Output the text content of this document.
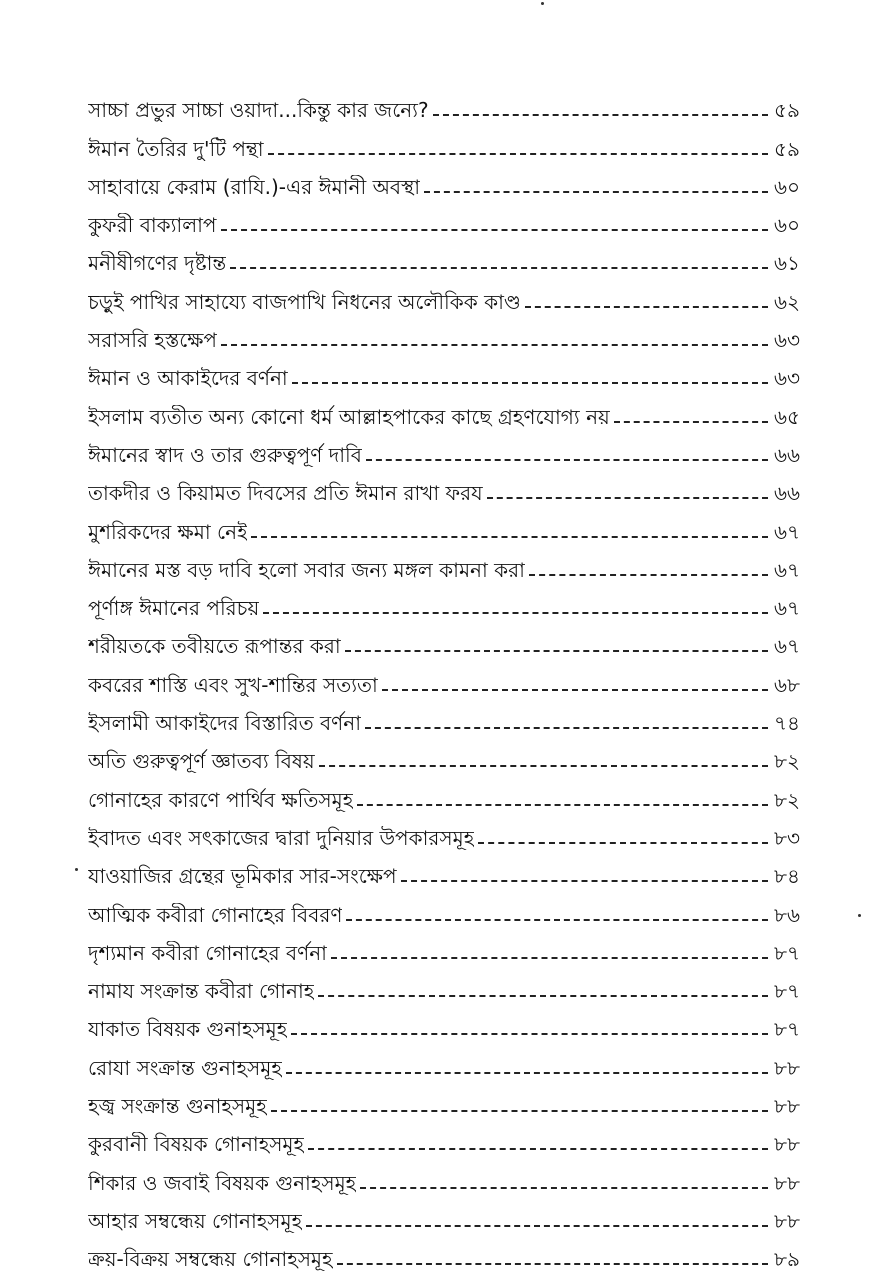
সাচ্চা প্রভুর সাচ্চা ওয়াদা...কিন্তু কার জন্যে?	৫৯
ঈমান তৈরির দু'টি পন্থা	৫৯
সাহাবায়ে কেরাম (রাযি.)-এর ঈমানী অবস্থা	৬০
কুফরী বাক্যালাপ	৬০
মনীষীগণের দৃষ্টান্ত	৬১
চড়ুই পাখির সাহায্যে বাজপাখি নিধনের অলৌকিক কাণ্ড	৬২
সরাসরি হস্তক্ষেপ	৬৩
ঈমান ও আকাইদের বর্ণনা	৬৩
ইসলাম ব্যতীত অন্য কোনো ধর্ম আল্লাহপাকের কাছে গ্রহণযোগ্য নয়	৬৫
ঈমানের স্বাদ ও তার গুরুত্বপূর্ণ দাবি	৬৬
তাকদীর ও কিয়ামত দিবসের প্রতি ঈমান রাখা ফরয	৬৬
মুশরিকদের ক্ষমা নেই	৬৭
ঈমানের মস্ত বড় দাবি হলো সবার জন্য মঙ্গল কামনা করা	৬৭
পূর্ণাঙ্গ ঈমানের পরিচয়	৬৭
শরীয়তকে তবীয়তে রূপান্তর করা	৬৭
কবরের শাস্তি এবং সুখ-শান্তির সত্যতা	৬৮
ইসলামী আকাইদের বিস্তারিত বর্ণনা	৭৪
অতি গুরুত্বপূর্ণ জ্ঞাতব্য বিষয়	৮২
গোনাহের কারণে পার্থিব ক্ষতিসমূহ	৮২
ইবাদত এবং সৎকাজের দ্বারা দুনিয়ার উপকারসমূহ	৮৩
যাওয়াজির গ্রন্থের ভূমিকার সার-সংক্ষেপ	৮৪
আত্মিক কবীরা গোনাহের বিবরণ	৮৬
দৃশ্যমান কবীরা গোনাহের বর্ণনা	৮৭
নামায সংক্রান্ত কবীরা গোনাহ	৮৭
যাকাত বিষয়ক গুনাহসমূহ	৮৭
রোযা সংক্রান্ত গুনাহসমূহ	৮৮
হজ্ব সংক্রান্ত গুনাহসমূহ	৮৮
কুরবানী বিষয়ক গোনাহসমূহ	৮৮
শিকার ও জবাই বিষয়ক গুনাহসমূহ	৮৮
আহার সম্বন্ধেয় গোনাহসমূহ	৮৮
ক্রয়-বিক্রয় সম্বন্ধেয় গোনাহসমূহ	৮৯
